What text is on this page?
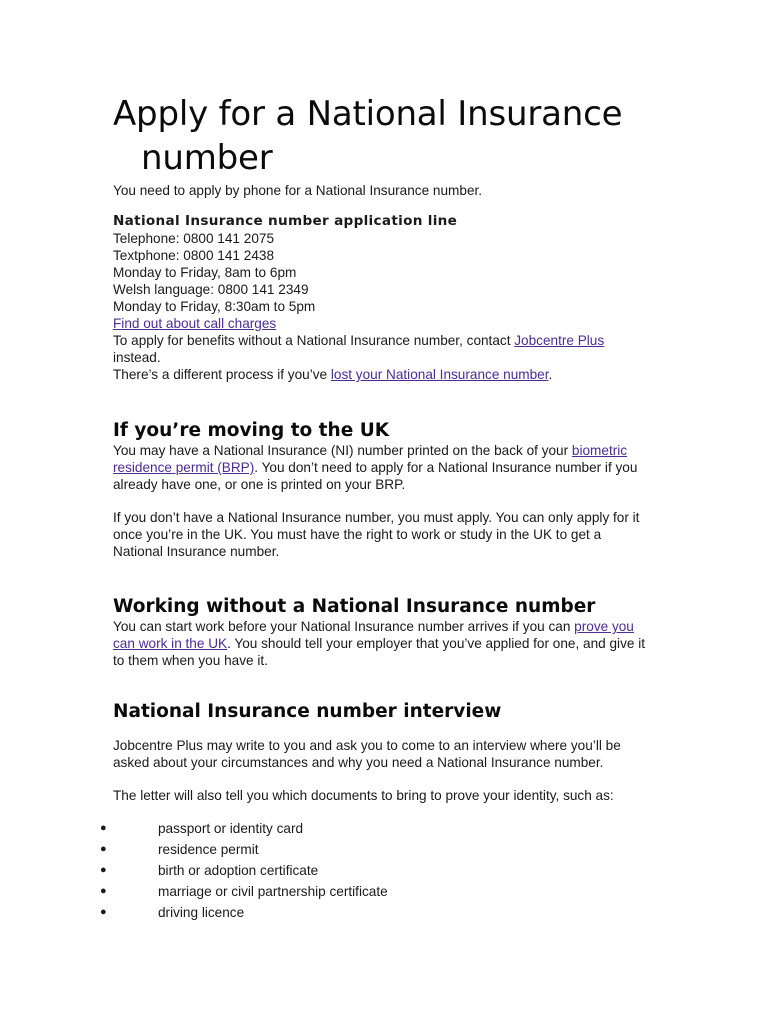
Apply for a National Insurance
number

You need to apply by phone for a National Insurance number.

National Insurance number application line
Telephone: 0800 141 2075
Textphone: 0800 141 2438
Monday to Friday, 8am to 6pm
Welsh language: 0800 141 2349
Monday to Friday, 8:30am to 5pm
Find out about call charges

To apply for benefits without a National Insurance number, contact Jobcentre Plus instead.

There’s a different process if you’ve lost your National Insurance number.

If you’re moving to the UK

You may have a National Insurance (NI) number printed on the back of your biometric residence permit (BRP). You don’t need to apply for a National Insurance number if you already have one, or one is printed on your BRP.

If you don’t have a National Insurance number, you must apply. You can only apply for it once you’re in the UK. You must have the right to work or study in the UK to get a National Insurance number.

Working without a National Insurance number

You can start work before your National Insurance number arrives if you can prove you can work in the UK. You should tell your employer that you’ve applied for one, and give it to them when you have it.

National Insurance number interview

Jobcentre Plus may write to you and ask you to come to an interview where you’ll be asked about your circumstances and why you need a National Insurance number.

The letter will also tell you which documents to bring to prove your identity, such as:

●	passport or identity card
●	residence permit
●	birth or adoption certificate
●	marriage or civil partnership certificate
●	driving licence
